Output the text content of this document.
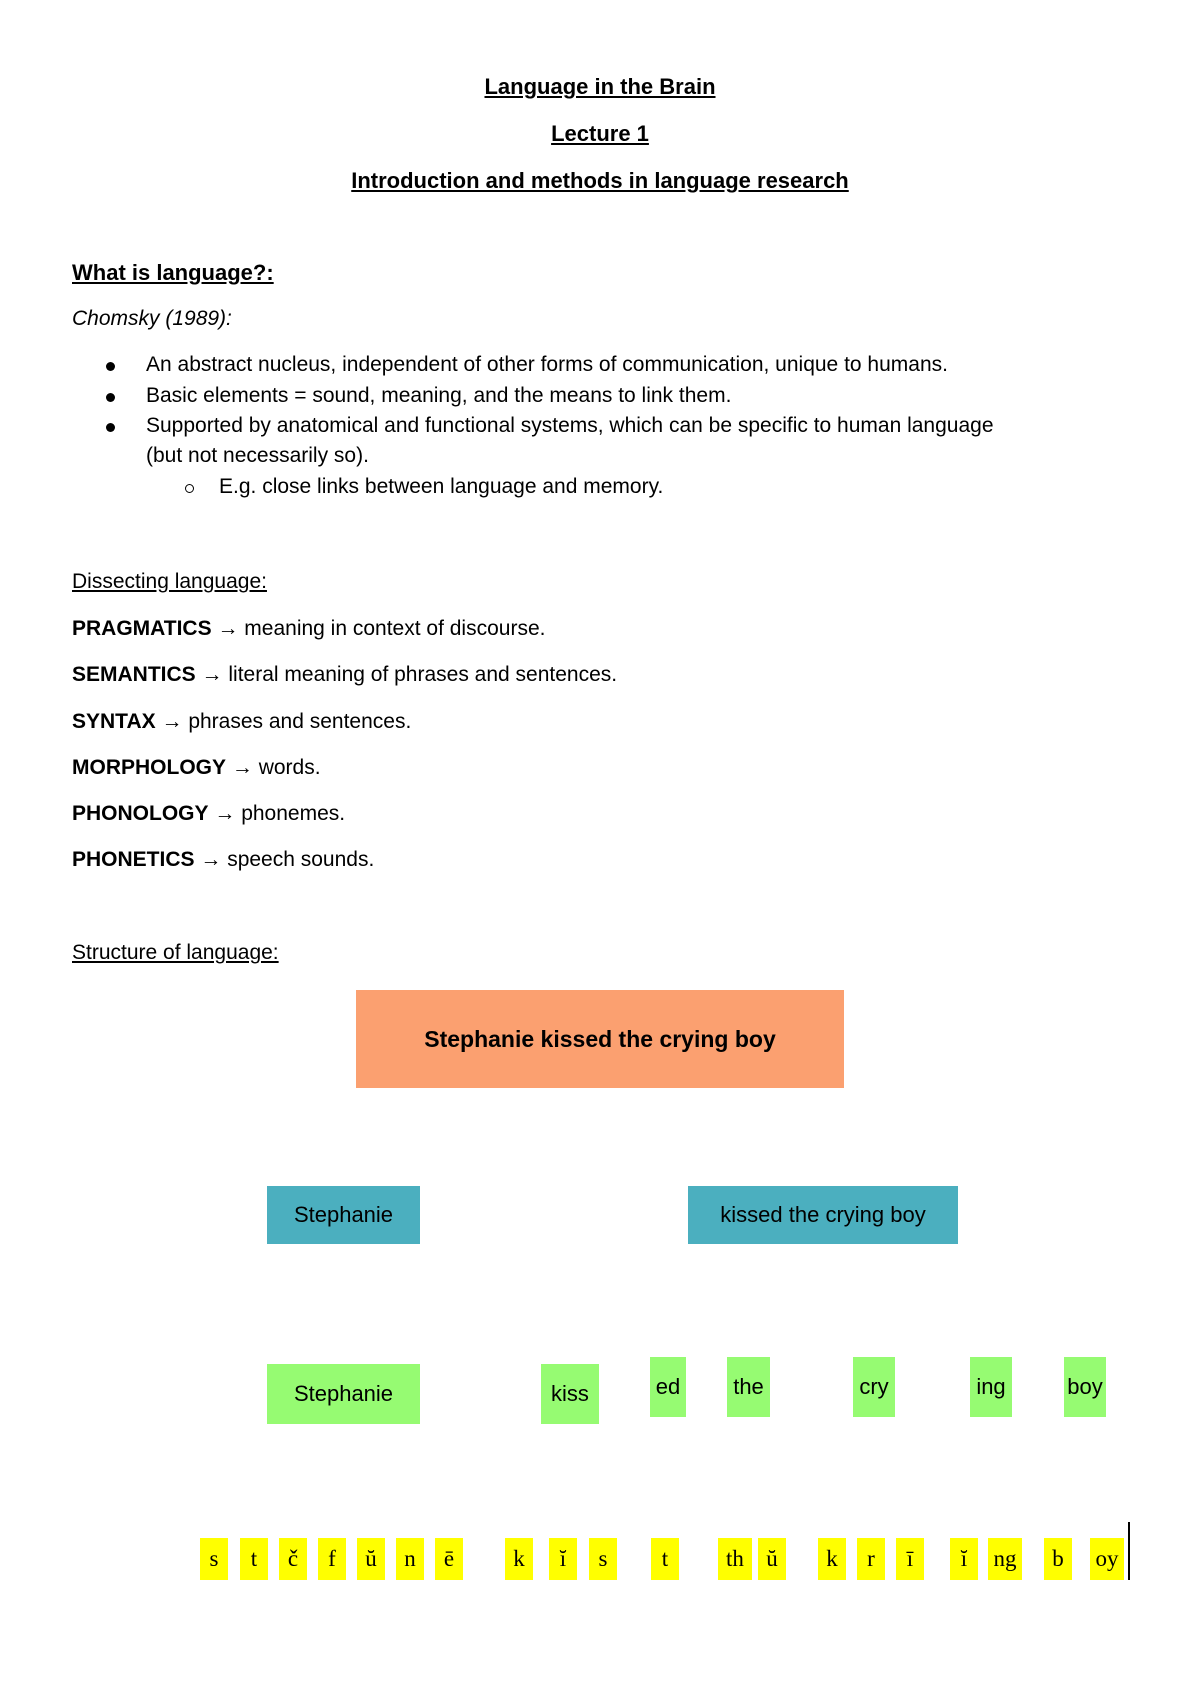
Language in the Brain
Lecture 1
Introduction and methods in language research
What is language?:
Chomsky (1989):
An abstract nucleus, independent of other forms of communication, unique to humans.
Basic elements = sound, meaning, and the means to link them.
Supported by anatomical and functional systems, which can be specific to human language
(but not necessarily so).
E.g. close links between language and memory.
Dissecting language:
PRAGMATICS → meaning in context of discourse.
SEMANTICS → literal meaning of phrases and sentences.
SYNTAX → phrases and sentences.
MORPHOLOGY → words.
PHONOLOGY → phonemes.
PHONETICS → speech sounds.
Structure of language:
Stephanie kissed the crying boy
Stephanie	kissed the crying boy
Stephanie	kiss	ed the	cry	ing	boy
s	t	č	f	ŭ	n	ē	k	ĭ	s	t	th ŭ	k	r	ī	ĭ	ng	b	oy
